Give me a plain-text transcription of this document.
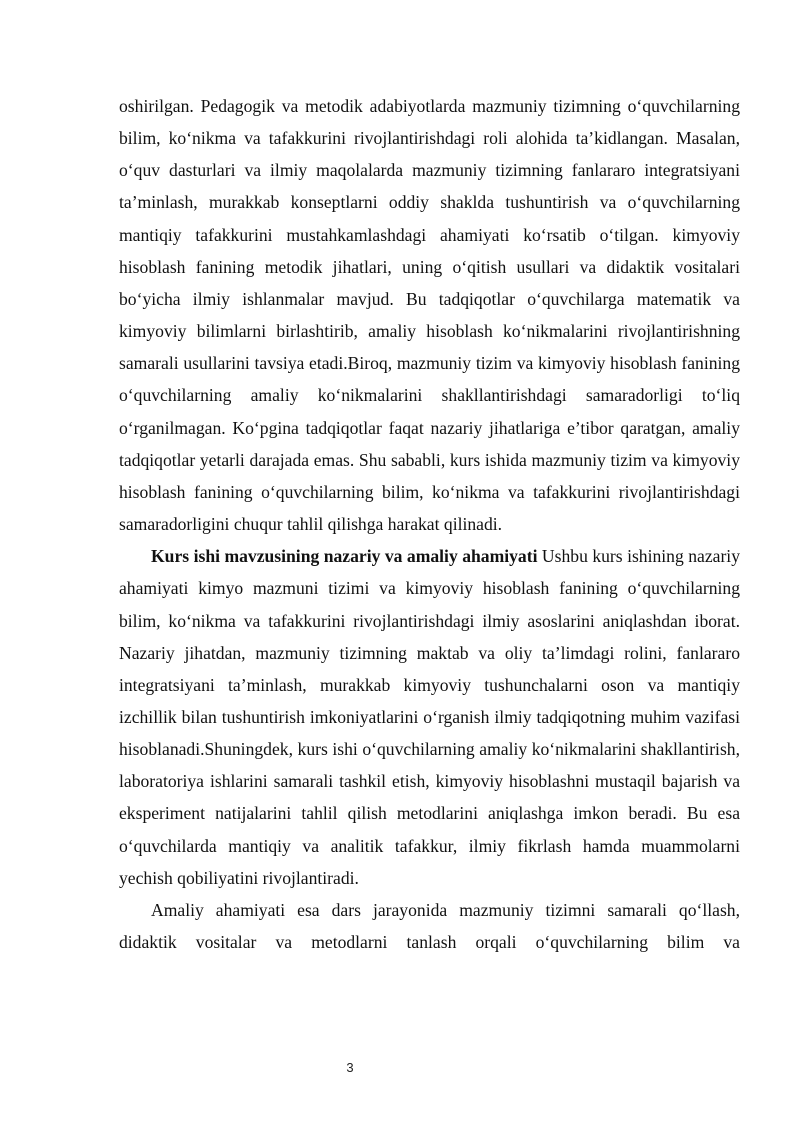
oshirilgan. Pedagogik va metodik adabiyotlarda mazmuniy tizimning o‘quvchilarning bilim, ko‘nikma va tafakkurini rivojlantirishdagi roli alohida ta’kidlangan. Masalan, o‘quv dasturlari va ilmiy maqolalarda mazmuniy tizimning fanlararo integratsiyani ta’minlash, murakkab konseptlarni oddiy shaklda tushuntirish va o‘quvchilarning mantiqiy tafakkurini mustahkamlashdagi ahamiyati ko‘rsatib o‘tilgan. kimyoviy hisoblash fanining metodik jihatlari, uning o‘qitish usullari va didaktik vositalari bo‘yicha ilmiy ishlanmalar mavjud. Bu tadqiqotlar o‘quvchilarga matematik va kimyoviy bilimlarni birlashtirib, amaliy hisoblash ko‘nikmalarini rivojlantirishning samarali usullarini tavsiya etadi.Biroq, mazmuniy tizim va kimyoviy hisoblash fanining o‘quvchilarning amaliy ko‘nikmalarini shakllantirishdagi samaradorligi to‘liq o‘rganilmagan. Ko‘pgina tadqiqotlar faqat nazariy jihatlariga e’tibor qaratgan, amaliy tadqiqotlar yetarli darajada emas. Shu sababli, kurs ishida mazmuniy tizim va kimyoviy hisoblash fanining o‘quvchilarning bilim, ko‘nikma va tafakkurini rivojlantirishdagi samaradorligini chuqur tahlil qilishga harakat qilinadi.

Kurs ishi mavzusining nazariy va amaliy ahamiyati Ushbu kurs ishining nazariy ahamiyati kimyo mazmuni tizimi va kimyoviy hisoblash fanining o‘quvchilarning bilim, ko‘nikma va tafakkurini rivojlantirishdagi ilmiy asoslarini aniqlashdan iborat. Nazariy jihatdan, mazmuniy tizimning maktab va oliy ta’limdagi rolini, fanlararo integratsiyani ta’minlash, murakkab kimyoviy tushunchalarni oson va mantiqiy izchillik bilan tushuntirish imkoniyatlarini o‘rganish ilmiy tadqiqotning muhim vazifasi hisoblanadi.Shuningdek, kurs ishi o‘quvchilarning amaliy ko‘nikmalarini shakllantirish, laboratoriya ishlarini samarali tashkil etish, kimyoviy hisoblashni mustaqil bajarish va eksperiment natijalarini tahlil qilish metodlarini aniqlashga imkon beradi. Bu esa o‘quvchilarda mantiqiy va analitik tafakkur, ilmiy fikrlash hamda muammolarni yechish qobiliyatini rivojlantiradi.

Amaliy ahamiyati esa dars jarayonida mazmuniy tizimni samarali qo‘llash, didaktik vositalar va metodlarni tanlash orqali o‘quvchilarning bilim va

3
